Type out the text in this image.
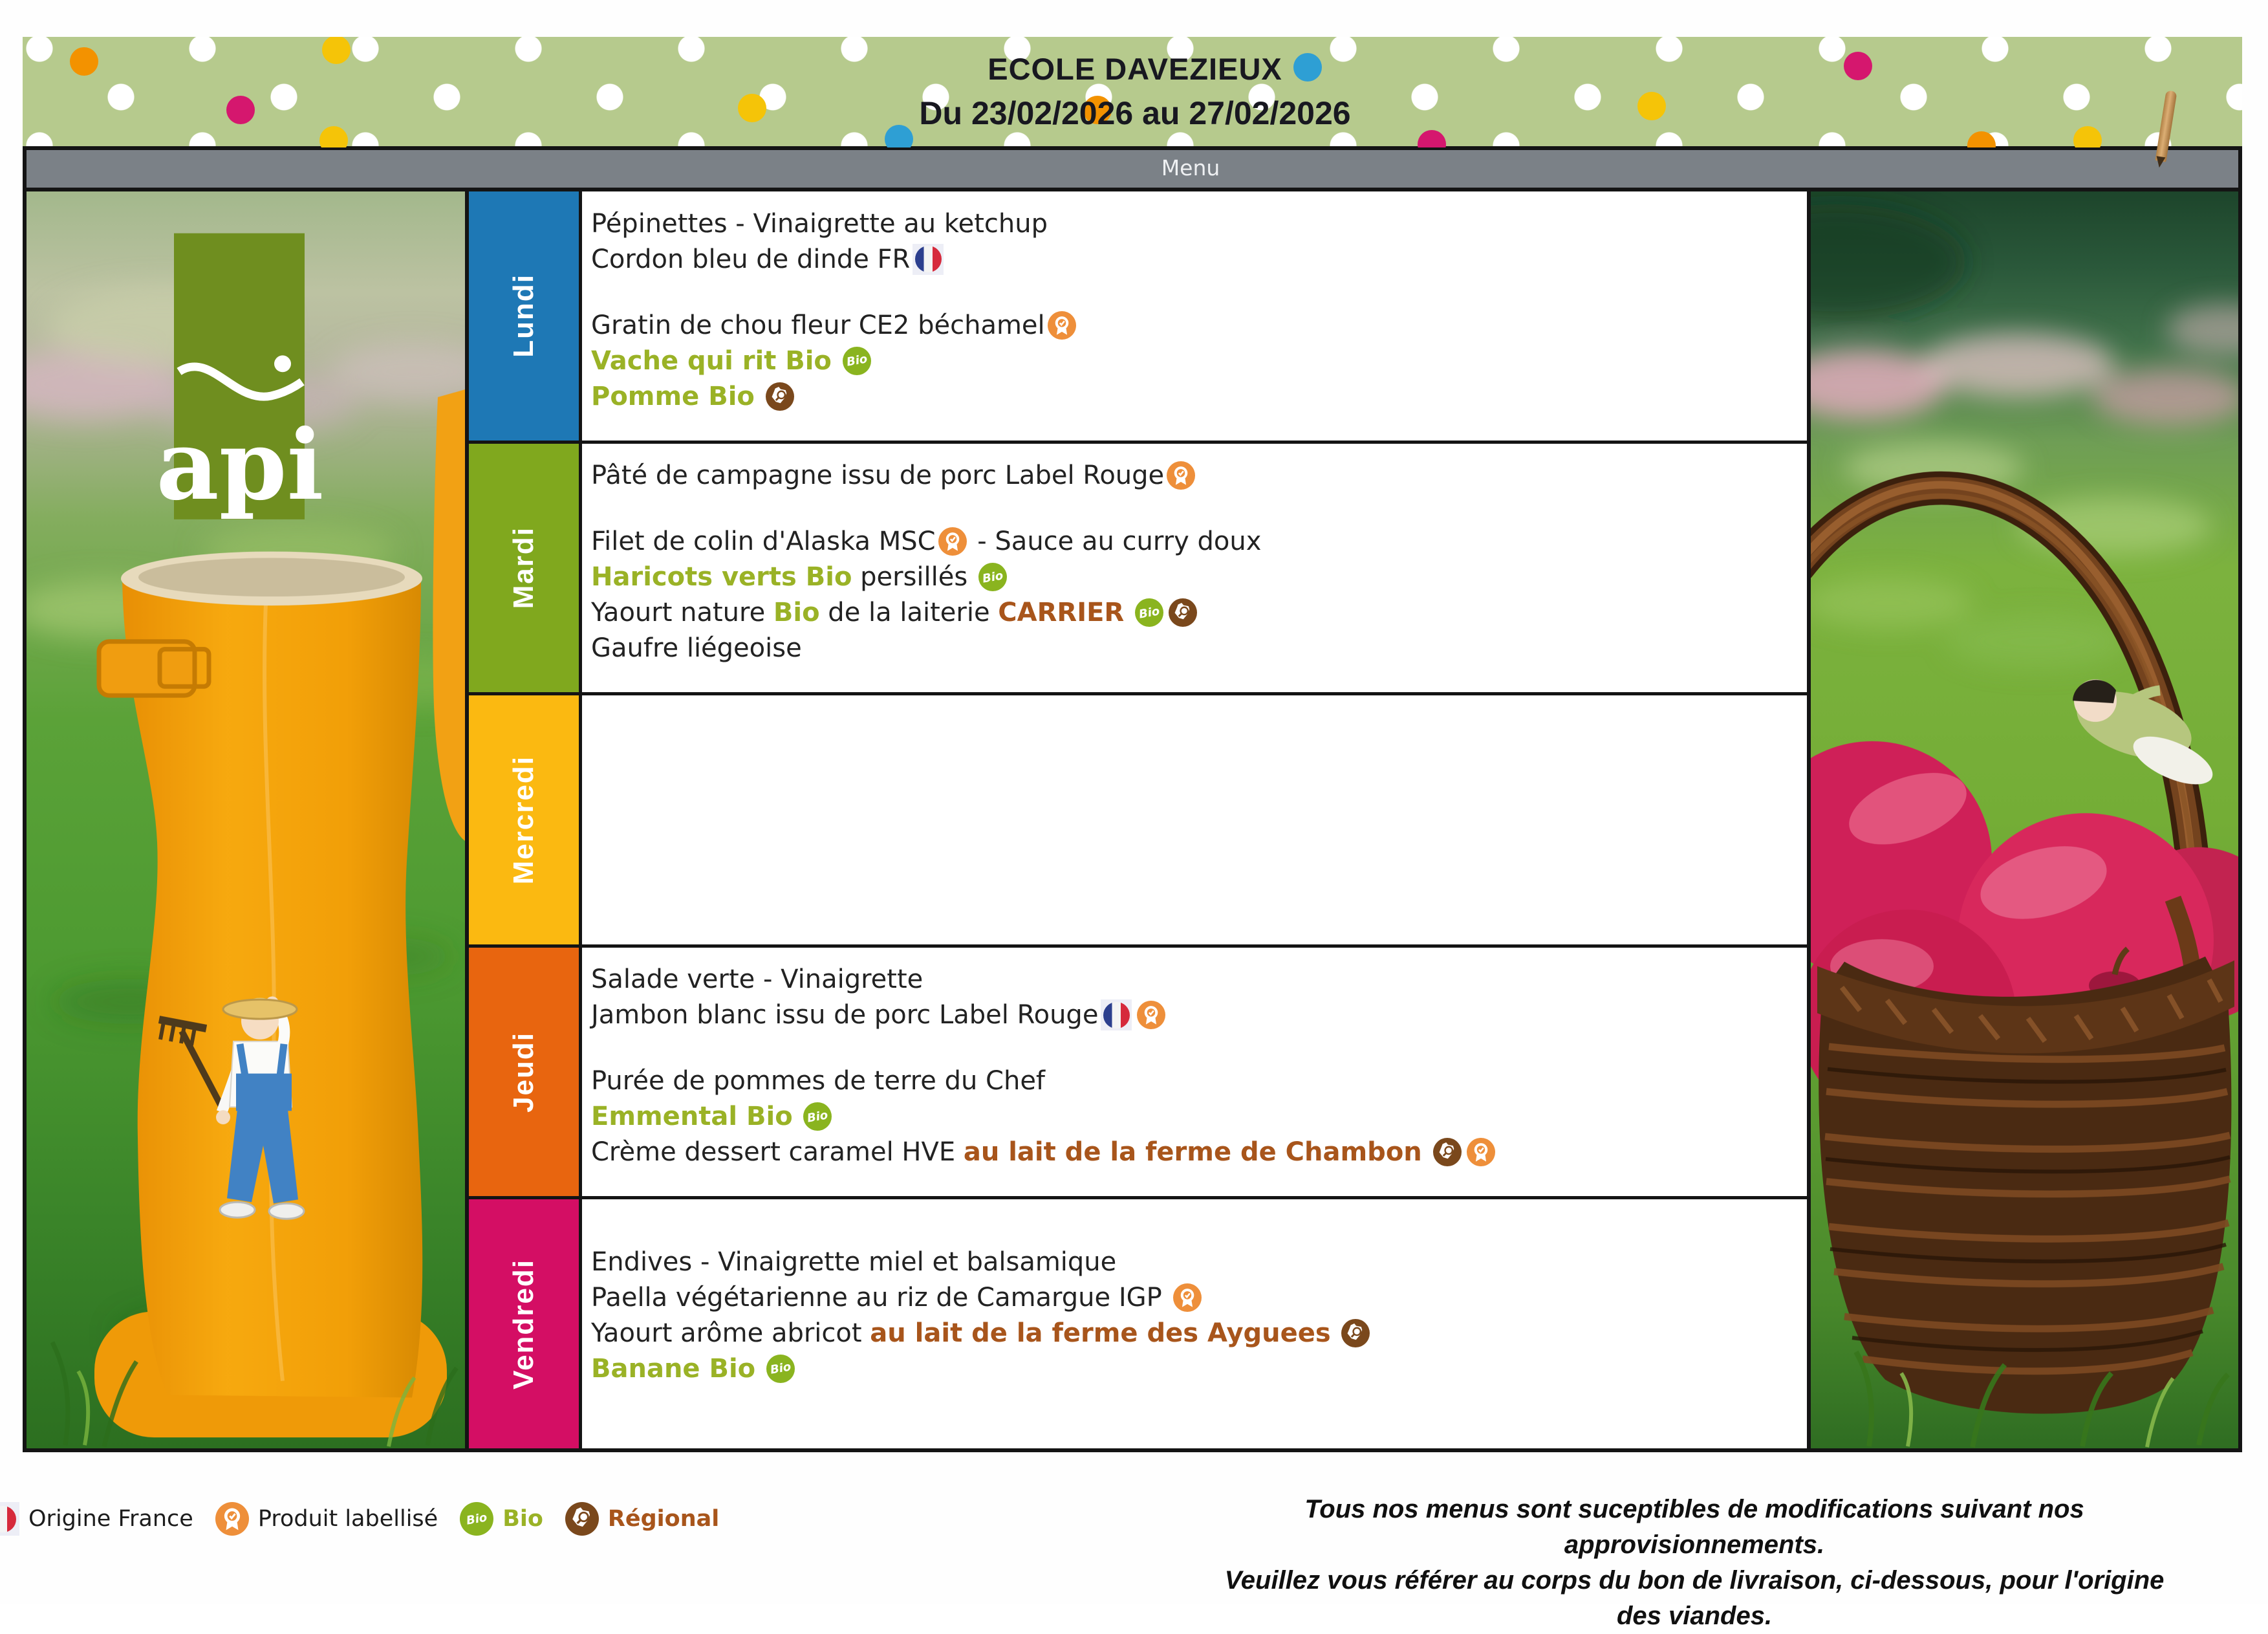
ECOLE DAVEZIEUX
Du 23/02/2026 au 27/02/2026
Menu
api
Lundi
Pépinettes - Vinaigrette au ketchup
Cordon bleu de dinde FR
Gratin de chou fleur CE2 béchamel
Vache qui rit Bio
Bio
Pomme Bio

Mardi
Pâté de campagne issu de porc Label Rouge
Filet de colin d'Alaska MSC - Sauce au curry doux
Haricots verts Bio persillés Bio
Yaourt nature Bio de la laiterie CARRIER
Bio
Gaufre liégeoise
Mercredi
Jeudi
Salade verte - Vinaigrette
Jambon blanc issu de porc Label Rouge
Purée de pommes de terre du Chef
Emmental Bio
Bio
Crème dessert caramel HVE au lait de la ferme de Chambon

Vendredi Endives - Vinaigrette miel et balsamique
Paella végétarienne au riz de Camargue IGP
Yaourt arôme abricot au lait de la ferme des Ayguees

Banane Bio
Bio
Origine France	Produit labellisé Bio Bio	Régional	Tous nos menus sont suceptibles de modifications suivant nos approvisionnements.
Veuillez vous référer au corps du bon de livraison, ci-dessous, pour l'origine des viandes.
